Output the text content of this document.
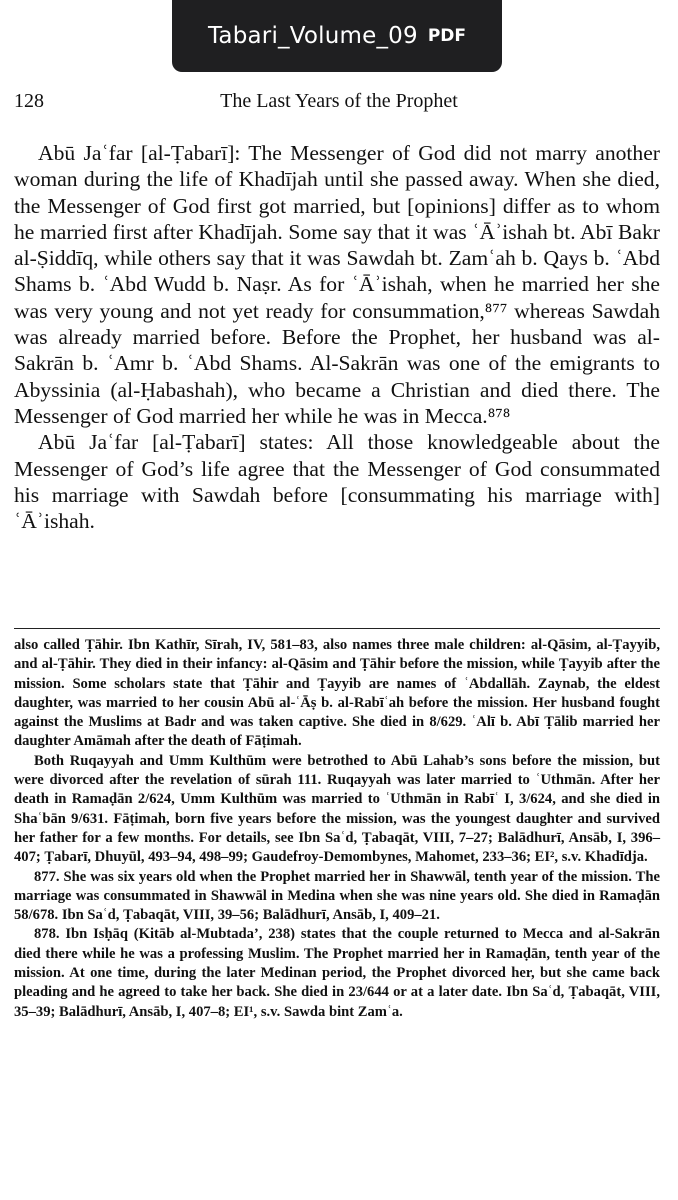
Tabari_Volume_09 PDF
128	The Last Years of the Prophet

Abū Jaʿfar [al-Ṭabarī]: The Messenger of God did not marry another woman during the life of Khadījah until she passed away. When she died, the Messenger of God first got married, but [opinions] differ as to whom he married first after Khadījah. Some say that it was ʿĀʾishah bt. Abī Bakr al-Ṣiddīq, while others say that it was Sawdah bt. Zamʿah b. Qays b. ʿAbd Shams b. ʿAbd Wudd b. Naṣr. As for ʿĀʾishah, when he married her she was very young and not yet ready for consummation,⁸⁷⁷ whereas Sawdah was already married before. Before the Prophet, her husband was al-Sakrān b. ʿAmr b. ʿAbd Shams. Al-Sakrān was one of the emigrants to Abyssinia (al-Ḥabashah), who became a Christian and died there. The Messenger of God married her while he was in Mecca.⁸⁷⁸

Abū Jaʿfar [al-Ṭabarī] states: All those knowledgeable about the Messenger of God’s life agree that the Messenger of God consummated his marriage with Sawdah before [consummating his marriage with] ʿĀʾishah.

also called Ṭāhir. Ibn Kathīr, Sīrah, IV, 581–83, also names three male children: al-Qāsim, al-Ṭayyib, and al-Ṭāhir. They died in their infancy: al-Qāsim and Ṭāhir before the mission, while Ṭayyib after the mission. Some scholars state that Ṭāhir and Ṭayyib are names of ʿAbdallāh. Zaynab, the eldest daughter, was married to her cousin Abū al-ʿĀṣ b. al-Rabīʿah before the mission. Her husband fought against the Muslims at Badr and was taken captive. She died in 8/629. ʿAlī b. Abī Ṭālib married her daughter Amāmah after the death of Fāṭimah.

Both Ruqayyah and Umm Kulthūm were betrothed to Abū Lahab’s sons before the mission, but were divorced after the revelation of sūrah 111. Ruqayyah was later married to ʿUthmān. After her death in Ramaḍān 2/624, Umm Kulthūm was married to ʿUthmān in Rabīʿ I, 3/624, and she died in Shaʿbān 9/631. Fāṭimah, born five years before the mission, was the youngest daughter and survived her father for a few months. For details, see Ibn Saʿd, Ṭabaqāt, VIII, 7–27; Balādhurī, Ansāb, I, 396–407; Ṭabarī, Dhuyūl, 493–94, 498–99; Gaudefroy-Demombynes, Mahomet, 233–36; EI², s.v. Khadīdja.

877. She was six years old when the Prophet married her in Shawwāl, tenth year of the mission. The marriage was consummated in Shawwāl in Medina when she was nine years old. She died in Ramaḍān 58/678. Ibn Saʿd, Ṭabaqāt, VIII, 39–56; Balādhurī, Ansāb, I, 409–21.

878. Ibn Isḥāq (Kitāb al-Mubtada’, 238) states that the couple returned to Mecca and al-Sakrān died there while he was a professing Muslim. The Prophet married her in Ramaḍān, tenth year of the mission. At one time, during the later Medinan period, the Prophet divorced her, but she came back pleading and he agreed to take her back. She died in 23/644 or at a later date. Ibn Saʿd, Ṭabaqāt, VIII, 35–39; Balādhurī, Ansāb, I, 407–8; EI¹, s.v. Sawda bint Zamʿa.
